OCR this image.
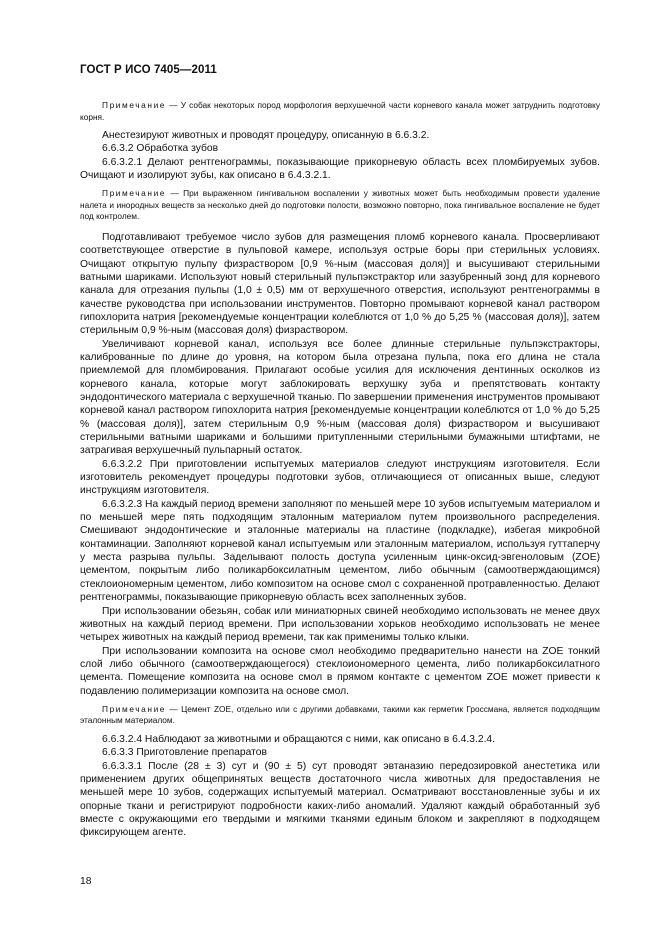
ГОСТ Р ИСО 7405—2011

Примечание — У собак некоторых пород морфология верхушечной части корневого канала может затруднить подготовку корня.

Анестезируют животных и проводят процедуру, описанную в 6.6.3.2.

6.6.3.2 Обработка зубов

6.6.3.2.1 Делают рентгенограммы, показывающие прикорневую область всех пломбируемых зубов. Очищают и изолируют зубы, как описано в 6.4.3.2.1.

Примечание — При выраженном гингивальном воспалении у животных может быть необходимым провести удаление налета и инородных веществ за несколько дней до подготовки полости, возможно повторно, пока гингивальное воспаление не будет под контролем.

Подготавливают требуемое число зубов для размещения пломб корневого канала. Просверливают соответствующее отверстие в пульповой камере, используя острые боры при стерильных условиях. Очищают открытую пульпу физраствором [0,9 %-ным (массовая доля)] и высушивают стерильными ватными шариками. Используют новый стерильный пульпэкстрактор или зазубренный зонд для корневого канала для отрезания пульпы (1,0 ± 0,5) мм от верхушечного отверстия, используют рентгенограммы в качестве руководства при использовании инструментов. Повторно промывают корневой канал раствором гипохлорита натрия [рекомендуемые концентрации колеблются от 1,0 % до 5,25 % (массовая доля)], затем стерильным 0,9 %-ным (массовая доля) физраствором.

Увеличивают корневой канал, используя все более длинные стерильные пульпэкстракторы, калиброванные по длине до уровня, на котором была отрезана пульпа, пока его длина не стала приемлемой для пломбирования. Прилагают особые усилия для исключения дентинных осколков из корневого канала, которые могут заблокировать верхушку зуба и препятствовать контакту эндодонтического материала с верхушечной тканью. По завершении применения инструментов промывают корневой канал раствором гипохлорита натрия [рекомендуемые концентрации колеблются от 1,0 % до 5,25 % (массовая доля)], затем стерильным 0,9 %-ным (массовая доля) физраствором и высушивают стерильными ватными шариками и большими притупленными стерильными бумажными штифтами, не затрагивая верхушечный пульпарный остаток.

6.6.3.2.2 При приготовлении испытуемых материалов следуют инструкциям изготовителя. Если изготовитель рекомендует процедуры подготовки зубов, отличающиеся от описанных выше, следуют инструкциям изготовителя.

6.6.3.2.3 На каждый период времени заполняют по меньшей мере 10 зубов испытуемым материалом и по меньшей мере пять подходящим эталонным материалом путем произвольного распределения. Смешивают эндодонтические и эталонные материалы на пластине (подкладке), избегая микробной контаминации. Заполняют корневой канал испытуемым или эталонным материалом, используя гуттаперчу у места разрыва пульпы. Заделывают полость доступа усиленным цинк-оксид-эвгеноловым (ZOE) цементом, покрытым либо поликарбоксилатным цементом, либо обычным (самоотверждающимся) стеклоиономерным цементом, либо композитом на основе смол с сохраненной протравленностью. Делают рентгенограммы, показывающие прикорневую область всех заполненных зубов.

При использовании обезьян, собак или миниатюрных свиней необходимо использовать не менее двух животных на каждый период времени. При использовании хорьков необходимо использовать не менее четырех животных на каждый период времени, так как применимы только клыки.

При использовании композита на основе смол необходимо предварительно нанести на ZOE тонкий слой либо обычного (самоотверждающегося) стеклоиономерного цемента, либо поликарбоксилатного цемента. Помещение композита на основе смол в прямом контакте с цементом ZOE может привести к подавлению полимеризации композита на основе смол.

Примечание — Цемент ZOE, отдельно или с другими добавками, такими как герметик Гроссмана, является подходящим эталонным материалом.

6.6.3.2.4 Наблюдают за животными и обращаются с ними, как описано в 6.4.3.2.4.

6.6.3.3 Приготовление препаратов

6.6.3.3.1 После (28 ± 3) сут и (90 ± 5) сут проводят эвтаназию передозировкой анестетика или применением других общепринятых веществ достаточного числа животных для предоставления не меньшей мере 10 зубов, содержащих испытуемый материал. Осматривают восстановленные зубы и их опорные ткани и регистрируют подробности каких-либо аномалий. Удаляют каждый обработанный зуб вместе с окружающими его твердыми и мягкими тканями единым блоком и закрепляют в подходящем фиксирующем агенте.

18
